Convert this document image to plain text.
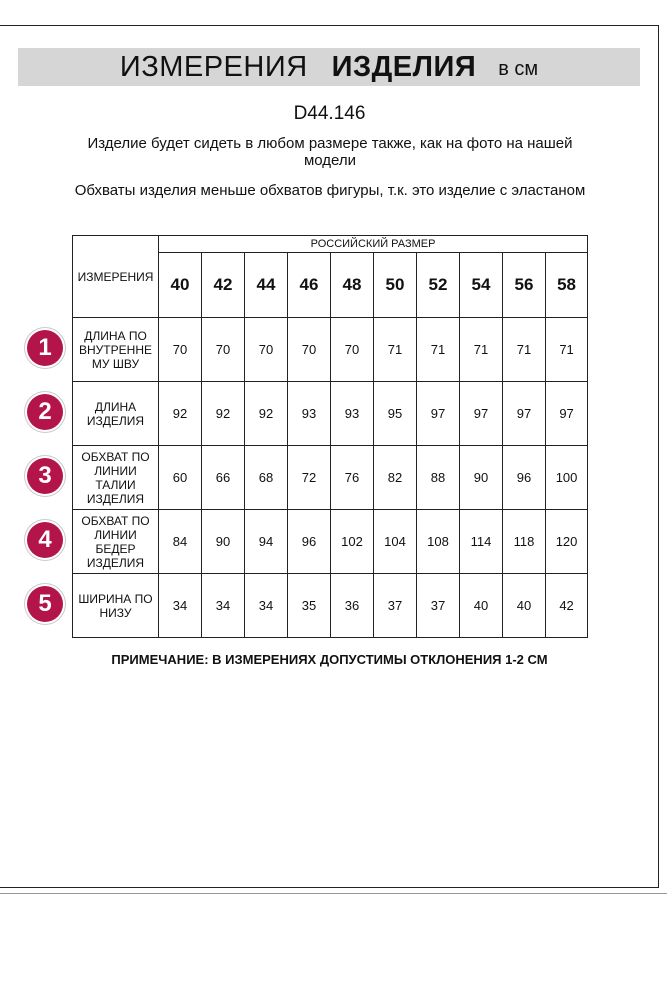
ИЗМЕРЕНИЯ ИЗДЕЛИЯ в см
D44.146
Изделие будет сидеть в любом размере также, как на фото на нашей модели
Обхваты изделия меньше обхватов фигуры, т.к. это изделие с эластаном
ИЗМЕРЕНИЯ	РОССИЙСКИЙ РАЗМЕР									
	40	42	44	46	48	50	52	54	56	58
ДЛИНА ПО ВНУТРЕННЕ МУ ШВУ	70	70	70	70	70	71	71	71	71	71
ДЛИНА ИЗДЕЛИЯ	92	92	92	93	93	95	97	97	97	97
ОБХВАТ ПО ЛИНИИ ТАЛИИ ИЗДЕЛИЯ	60	66	68	72	76	82	88	90	96	100
ОБХВАТ ПО ЛИНИИ БЕДЕР ИЗДЕЛИЯ	84	90	94	96	102	104	108	114	118	120
ШИРИНА ПО НИЗУ	34	34	34	35	36	37	37	40	40	42
1
2
3
4
5
ПРИМЕЧАНИЕ: В ИЗМЕРЕНИЯХ ДОПУСТИМЫ ОТКЛОНЕНИЯ 1-2 СМ
